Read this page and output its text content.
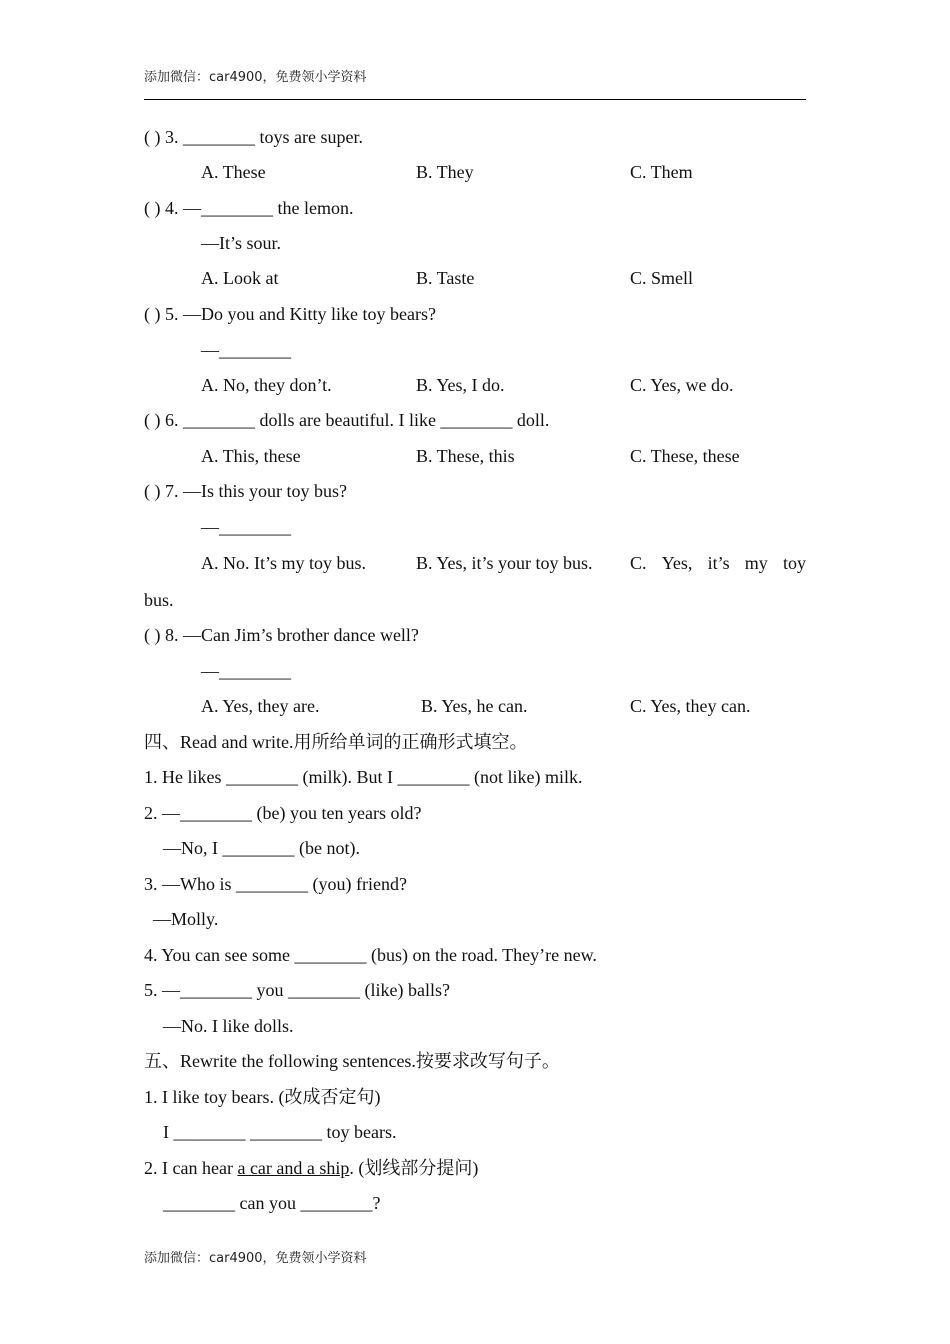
添加微信：car4900，免费领小学资料
( ) 3. ________ toys are super.
A. These	B. They	C. Them
( ) 4. —________ the lemon.
—It’s sour.
A. Look at	B. Taste	C. Smell
( ) 5. —Do you and Kitty like toy bears?
—________
A. No, they don’t.	B. Yes, I do.	C. Yes, we do.
( ) 6. ________ dolls are beautiful. I like ________ doll.
A. This, these	B. These, this	C. These, these
( ) 7. —Is this your toy bus?
—________
A. No. It’s my toy bus.	B. Yes, it’s your toy bus. C. Yes, it’s my toy
bus.
( ) 8. —Can Jim’s brother dance well?
—________
A. Yes, they are.	B. Yes, he can.	C. Yes, they can.
四、Read and write.用所给单词的正确形式填空。
1. He likes ________ (milk). But I ________ (not like) milk.
2. —________ (be) you ten years old?
—No, I ________ (be not).
3. —Who is ________ (you) friend?
—Molly.
4. You can see some ________ (bus) on the road. They’re new.
5. —________ you ________ (like) balls?
—No. I like dolls.
五、Rewrite the following sentences.按要求改写句子。
1. I like toy bears. (改成否定句)
I ________ ________ toy bears.
2. I can hear a car and a ship. (划线部分提问)
________ can you ________?
添加微信：car4900，免费领小学资料
